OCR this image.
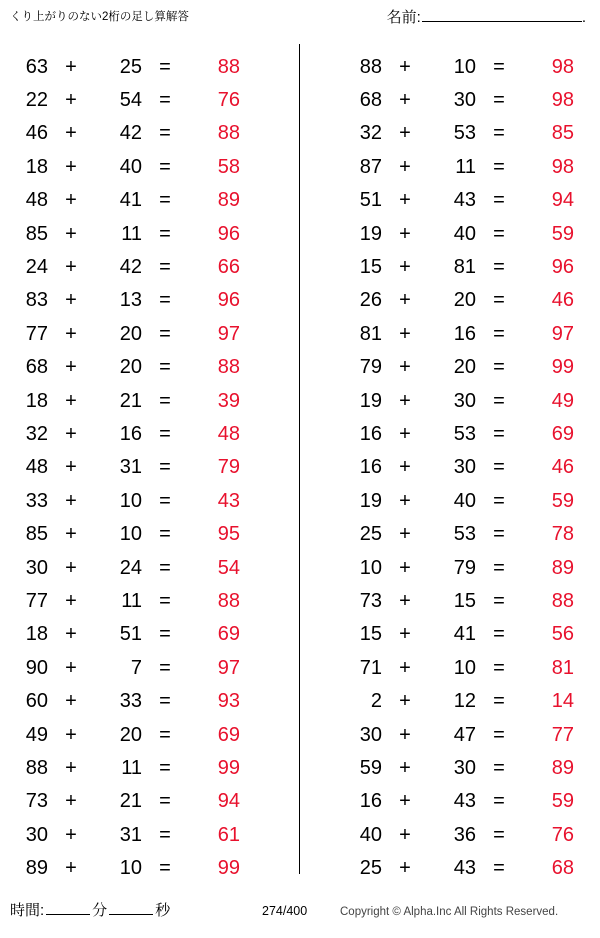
くり上がりのない2桁の足し算解答	名前:	.
63 +	25 =	88
22 +	54 =	76
46 +	42 =	88
18 +	40 =	58
48 +	41 =	89
85 +	11 =	96
24 +	42 =	66
83 +	13 =	96
77 +	20 =	97
68 +	20 =	88
18 +	21 =	39
32 +	16 =	48
48 +	31 =	79
33 +	10 =	43
85 +	10 =	95
30 +	24 =	54
77 +	11 =	88
18 +	51 =	69
90 +	7 =	97
60 +	33 =	93
49 +	20 =	69
88 +	11 =	99
73 +	21 =	94
30 +	31 =	61
89 +	10 =	99
88 +	10 =	98
68 +	30 =	98
32 +	53 =	85
87 +	11 =	98
51 +	43 =	94
19 +	40 =	59
15 +	81 =	96
26 +	20 =	46
81 +	16 =	97
79 +	20 =	99
19 +	30 =	49
16 +	53 =	69
16 +	30 =	46
19 +	40 =	59
25 +	53 =	78
10 +	79 =	89
73 +	15 =	88
15 +	41 =	56
71 +	10 =	81
2 +	12 =	14
30 +	47 =	77
59 +	30 =	89
16 +	43 =	59
40 +	36 =	76
25 +	43 =	68
時間:	分	秒	274/400	Copyright © Alpha.Inc All Rights Reserved.
